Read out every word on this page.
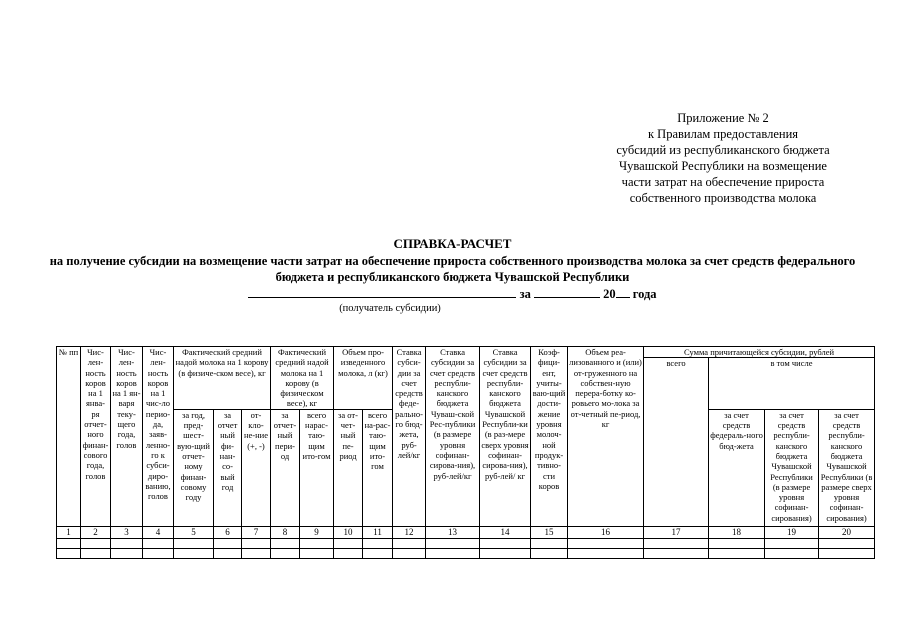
Приложение № 2
к Правилам предоставления
субсидий из республиканского бюджета
Чувашской Республики на возмещение
части затрат на обеспечение прироста
собственного производства молока
СПРАВКА-РАСЧЕТ
на получение субсидии на возмещение части затрат на обеспечение прироста собственного производства молока за счет средств федерального бюджета и республиканского бюджета Чувашской Республики
за	20 года
(получатель субсидии)
№ пп	Чис-лен-ность коров на 1 янва-ря отчет-ного финан-сового года, голов	Чис-лен-ность коров на 1 ян-варя теку-щего года, голов	Чис-лен-ность коров на 1 чис-ло перио-да, заяв-ленно-го к субси-диро-ванию, голов	Фактический средний надой молока на 1 корову (в физиче-ском весе), кг			Фактический средний надой молока на 1 корову (в физическом весе), кг		Объем про-изведенного молока, л (кг)		Ставка субси-дии за счет средств феде-рально-го бюд-жета, руб-лей/кг	Ставка субсидии за счет средств республи-канского бюджета Чуваш-ской Рес-публики (в размере уровня софинан-сирова-ния), руб-лей/кг	Ставка субсидии за счет средств республи-канского бюджета Чувашской Республи-ки (в раз-мере сверх уровня софинан-сирова-ния), руб-лей/ кг	Коэф-фици-ент, учиты-ваю-щий дости-жение уровня молоч-ной продук-тивно-сти коров	Объем реа-лизованного и (или) от-груженного на собствен-ную перера-ботку ко-ровьего мо-лока за от-четный пе-риод, кг	Сумма причитающейся субсидии, рублей			
																всего	в том числе		
				за год, пред-шест-вую-щий отчет-ному финан-совому году	за отчет ный фи-нан-со-вый год	от-кло-не-ние (+, -)	за отчет-ный пери-од	всего нарас-таю-щим ито-гом	за от-чет-ный пе-риод	всего на-рас-таю-щим ито-гом							за счет средств федераль-ного бюд-жета	за счет средств республи-канского бюджета Чувашской Республики (в размере уровня софинан-сирования)	за счет средств республи-канского бюджета Чувашской Республики (в размере сверх уровня софинан-сирования)
1	2	3	4	5	6	7	8	9	10	11	12	13	14	15	16	17	18	19	20
